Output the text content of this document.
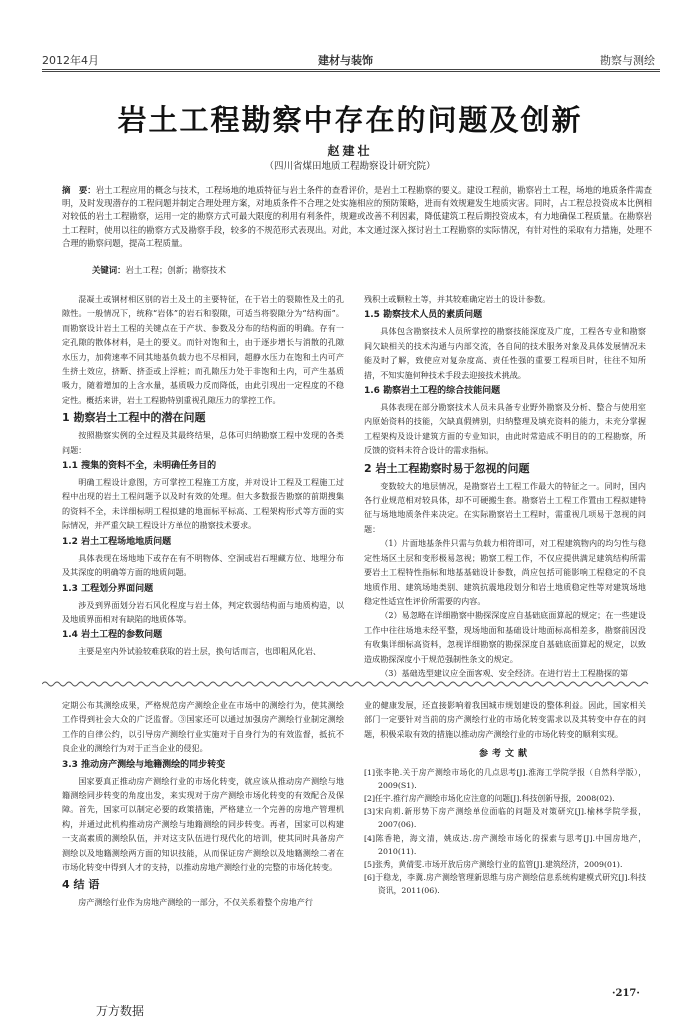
2012年4月	建材与装饰	勘察与测绘
岩土工程勘察中存在的问题及创新
赵建壮
（四川省煤田地质工程勘察设计研究院）
摘　要：岩土工程应用的概念与技术，工程场地的地质特征与岩土条件的查看评价，是岩土工程勘察的要义。建设工程前，勘察岩土工程，场地的地质条件需查明，及时发现潜存的工程问题并制定合理处理方案，对地质条件不合理之处实施相应的预防策略，进而有效规避发生地质灾害。同时，占工程总投资成本比例相对较低的岩土工程勘察，运用一定的勘察方式可最大限度的利用有利条件，规避或改善不利因素，降低建筑工程后期投资成本，有力地确保工程质量。在勘察岩土工程时，使用以往的勘察方式及勘察手段，较多的不规范形式表现出。对此，本文通过深入探讨岩土工程勘察的实际情况，有针对性的采取有力措施，处理不合理的勘察问题，提高工程质量。
关键词：岩土工程；创新；勘察技术

混凝土或钢材相区别的岩土及土的主要特征，在于岩土的裂隙性及土的孔隙性。一般情况下，统称“岩体”的岩石和裂隙，可适当将裂隙分为“结构面”。而勘察设计岩土工程的关键点在于产状、参数及分布的结构面的明确。存有一定孔隙的散体材料，是土的要义。而针对饱和土，由于逐步增长与消散的孔隙水压力，加荷速率不同其地基负载力也不尽相同，超静水压力在饱和土内可产生挤土效应，挤断、挤歪或上浮桩；而孔隙压力处于非饱和土内，可产生基质吸力，随着增加的上含水量，基质吸力反而降低，由此引现出一定程度的不稳定性。概括来讲，岩土工程勘特别重视孔隙压力的掌控工作。

1 勘察岩土工程中的潜在问题

按照勘察实例的全过程及其最终结果，总体可归纳勘察工程中发现的各类问题：

1.1 搜集的资料不全，未明确任务目的

明确工程设计意图，方可掌控工程施工方度，并对设计工程及工程施工过程中出现的岩土工程问题予以及时有效的处理。但大多数报告勘察的前期搜集的资料不全，未详细标明工程拟建的地面标平标高、工程架构形式等方面的实际情况，并严重欠缺工程设计方单位的勘察技术要求。

1.2 岩土工程场地地质问题

具体表现在场地地下或存在有不明物体、空洞或岩石埋藏方位、地埋分布及其深度的明确等方面的地质问题。

1.3 工程划分界面问题

涉及到界面划分岩石风化程度与岩土体，判定软弱结构面与地质构造，以及地质界面相对有缺陷的地质体等。

1.4 岩土工程的参数问题

主要是室内外试验较难获取的岩土层，换句话而言，也即粗风化岩、

残积土或颗粒土等，并其较难确定岩土的设计参数。

1.5 勘察技术人员的素质问题

具体包含勘察技术人员所掌控的勘察技能深度及广度，工程各专业和勘察间欠缺相关的技术沟通与内部交流，各自间的技术服务对象及具体发展情况未能及时了解，致使应对复杂度高、责任性强的重要工程项目时，往往不知所措，不知实施何种技术手段去迎接技术挑战。

1.6 勘察岩土工程的综合技能问题

具体表现在部分勘察技术人员未具备专业野外勘察及分析、整合与使用室内原始资料的技能，欠缺真假辨别，归纳整理及填充资料的能力，未充分掌握工程架构及设计建筑方面的专业知识，由此时常造成不明目的的工程勘察，所反馈的资料未符合设计的需求指标。

2 岩土工程勘察时易于忽视的问题

变数较大的地层情况，是勘察岩土工程工作最大的特征之一。同时，国内各行业规范相对较具体，却不可硬搬生套。勘察岩土工程工作置由工程拟建特征与场地地质条件来决定。在实际勘察岩土工程时，需重视几项易于忽视的问题：

（1）片面地基条件只需与负载力相符即可，对工程建筑物内的均匀性与稳定性场区土层和变形极易忽视；勘察工程工作，不仅应提供满足建筑结构所需要岩土工程特性指标和地基基础设计参数，尚应包括可能影响工程稳定的不良地质作用、建筑场地类别、建筑抗震地段划分和岩土地质稳定性等对建筑场地稳定性适宜性评价所需要的内容。

（2）易忽略在详细勘察中勘探深度应自基础底面算起的规定；在一些建设工作中往往场地未经平整，现场地面和基础设计地面标高相差多，勘察前因没有收集详细标高资料，忽视详细勘察的勘探深度自基础底面算起的规定，以致造成勘探深度小于规范强制性条文的规定。

（3）基础选型建议应全面客观、安全经济。在进行岩土工程勘探的第

定期公布其测绘成果，严格规范房产测绘企业在市场中的测绘行为，使其测绘工作得到社会大众的广泛监督。③国家还可以通过加强房产测绘行业制定测绘工作的自律公约，以引导房产测绘行业实施对于自身行为的有效监督，抵抗不良企业的测绘行为对于正当企业的侵犯。

3.3 推动房产测绘与地籍测绘的同步转变

国家要真正推动房产测绘行业的市场化转变，就应该从推动房产测绘与地籍测绘同步转变的角度出发，来实现对于房产测绘市场化转变的有效配合及保障。首先，国家可以制定必要的政策措施，严格建立一个完善的房地产管理机构，并通过此机构推动房产测绘与地籍测绘的同步转变。再者，国家可以构建一支高素质的测绘队伍，并对这支队伍进行现代化的培训，使其同时具备房产测绘以及地籍测绘两方面的知识技能，从而保证房产测绘以及地籍测绘二者在市场化转变中得到人才的支持，以推动房地产测绘行业的完整的市场化转变。

4 结 语

房产测绘行业作为房地产测绘的一部分，不仅关系着整个房地产行

业的健康发展，还直接影响着我国城市规划建设的整体利益。因此，国家相关部门一定要针对当前的房产测绘行业的市场化转变需求以及其转变中存在的问题，积极采取有效的措施以推动房产测绘行业的市场化转变的顺利实现。

参考文献
[1]张李艳.关于房产测绘市场化的几点思考[J].淮海工学院学报（自然科学版），2009(S1).
[2]任宇.推行房产测绘市场化应注意的问题[J].科技创新导报，2008(02).
[3]宋向莉.新形势下房产测绘单位面临的问题及对策研究[J].榆林学院学报，2007(06).
[4]陈香艳，海文清，姚成达.房产测绘市场化的探索与思考[J].中国房地产，2010(11).
[5]张秀，黄倩雯.市场开放后房产测绘行业的监管[J].建筑经济，2009(01).
[6]于稳龙，李冀.房产测绘管理新思维与房产测绘信息系统构建模式研究[J].科技资讯，2011(06).
·217·
万方数据
